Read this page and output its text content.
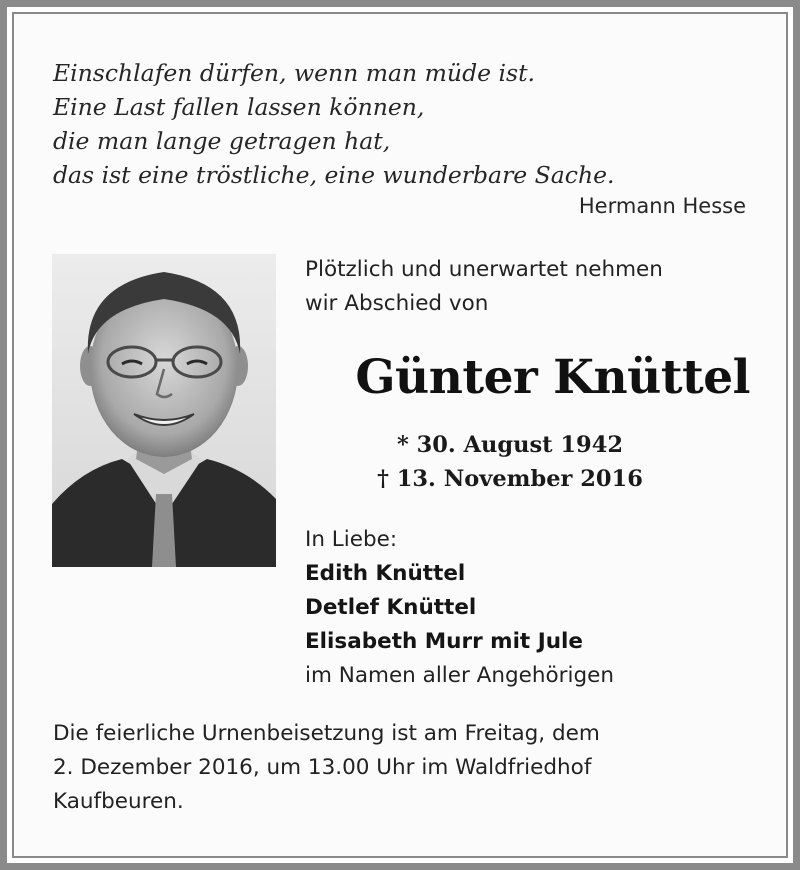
Einschlafen dürfen, wenn man müde ist.
Eine Last fallen lassen können,
die man lange getragen hat,
das ist eine tröstliche, eine wunderbare Sache.
Hermann Hesse
Plötzlich und unerwartet nehmen
wir Abschied von
Günter Knüttel
* 30. August 1942
† 13. November 2016
In Liebe:
Edith Knüttel
Detlef Knüttel
Elisabeth Murr mit Jule
im Namen aller Angehörigen
Die feierliche Urnenbeisetzung ist am Freitag, dem
2. Dezember 2016, um 13.00 Uhr im Waldfriedhof
Kaufbeuren.
